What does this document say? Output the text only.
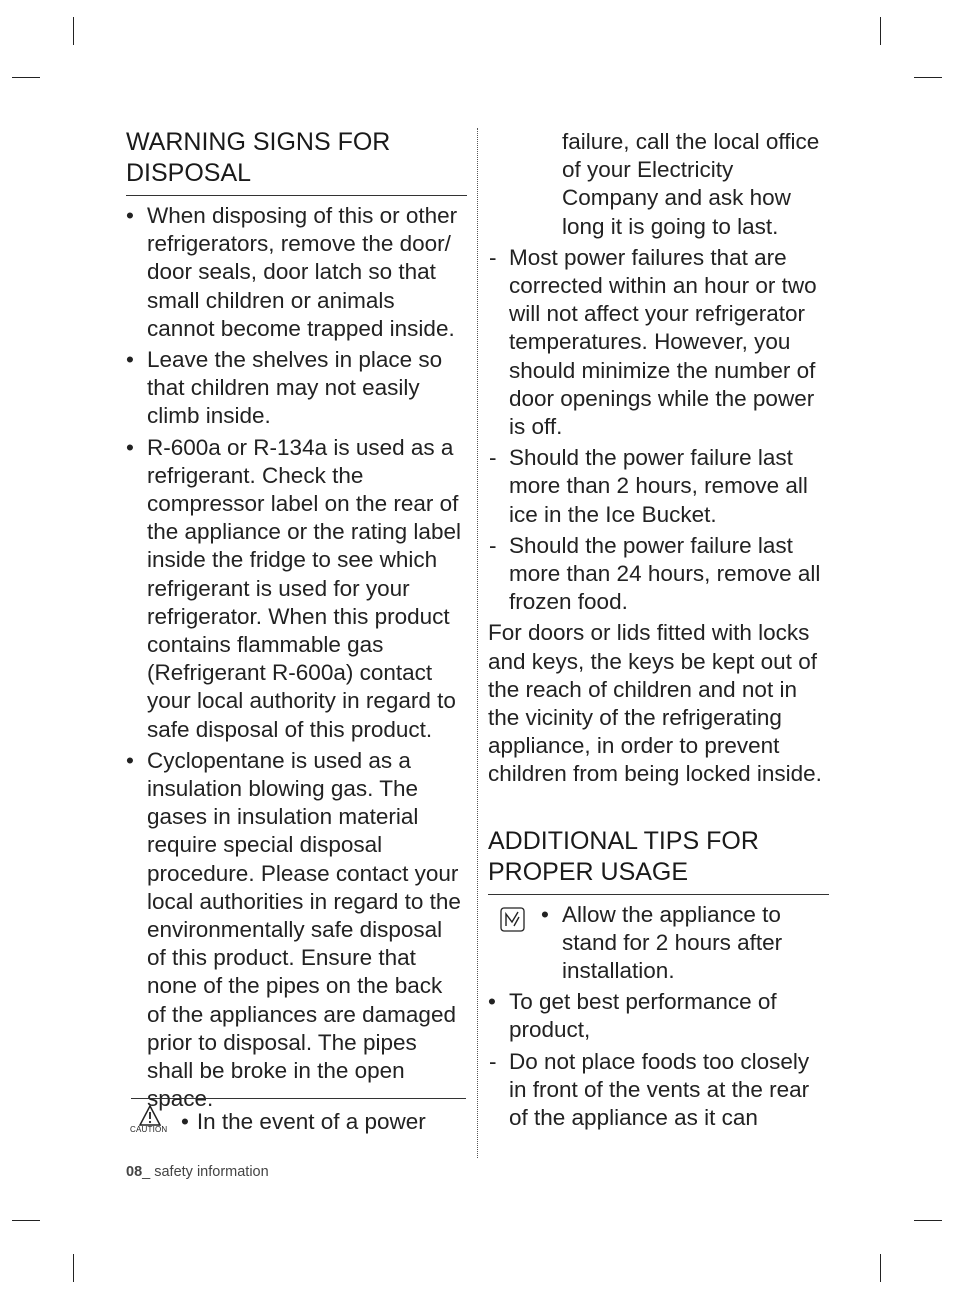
WARNING SIGNS FOR
DISPOSAL
• When disposing of this or other refrigerators, remove the door/ door seals, door latch so that small children or animals cannot become trapped inside.
• Leave the shelves in place so that children may not easily climb inside.
• R-600a or R-134a is used as a refrigerant. Check the compressor label on the rear of the appliance or the rating label inside the fridge to see which refrigerant is used for your refrigerator. When this product contains flammable gas (Refrigerant R-600a) contact your local authority in regard to safe disposal of this product.
• Cyclopentane is used as a insulation blowing gas. The gases in insulation material require special disposal procedure. Please contact your local authorities in regard to the environmentally safe disposal of this product. Ensure that none of the pipes on the back of the appliances are damaged prior to disposal. The pipes shall be broke in the open space.
CAUTION • In the event of a power
failure, call the local office of your Electricity Company and ask how long it is going to last.
- Most power failures that are corrected within an hour or two will not affect your refrigerator temperatures. However, you should minimize the number of door openings while the power is off.
- Should the power failure last more than 2 hours, remove all ice in the Ice Bucket.
- Should the power failure last more than 24 hours, remove all frozen food.
For doors or lids fitted with locks and keys, the keys be kept out of the reach of children and not in the vicinity of the refrigerating appliance, in order to prevent children from being locked inside.
ADDITIONAL TIPS FOR
PROPER USAGE
• Allow the appliance to stand for 2 hours after installation.
• To get best performance of product,
- Do not place foods too closely in front of the vents at the rear of the appliance as it can
08_ safety information
